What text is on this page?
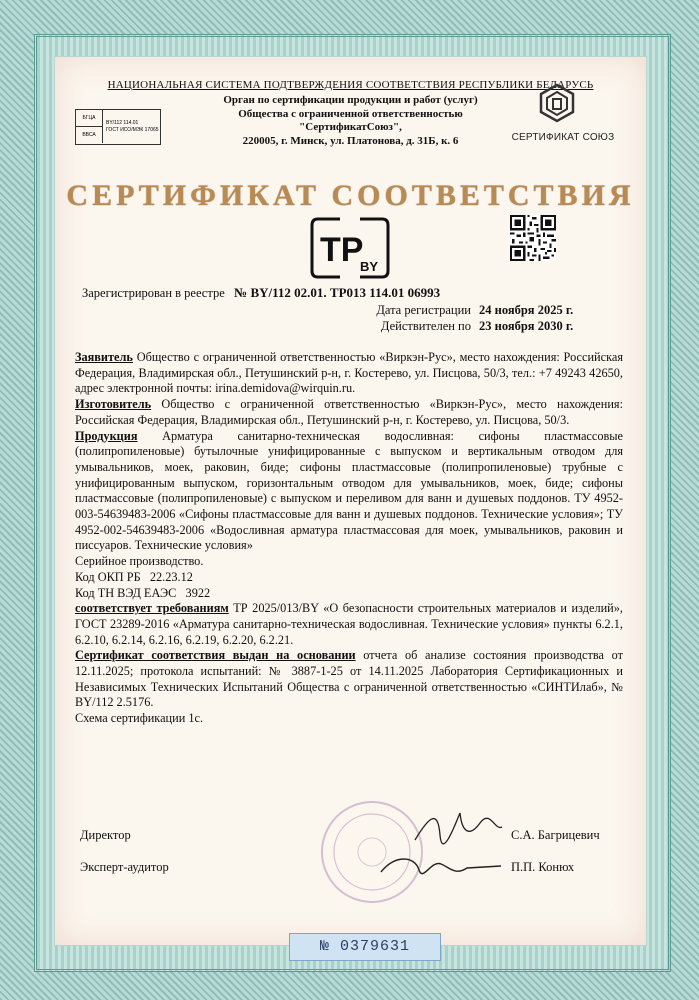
НАЦИОНАЛЬНАЯ СИСТЕМА ПОДТВЕРЖДЕНИЯ СООТВЕТСТВИЯ РЕСПУБЛИКИ БЕЛАРУСЬ
Орган по сертификации продукции и работ (услуг)
Общества с ограниченной ответственностью
"СертификатСоюз",
220005, г. Минск, ул. Платонова, д. 31Б, к. 6
БГЦА
ВВСА
BY/112 114.01
ГОСТ ИСО/МЭК 17065
СЕРТИФИКАТ СОЮЗ
СЕРТИФИКАТ СООТВЕТСТВИЯ
TP
BY
Зарегистрирован в реестре № BY/112 02.01. ТР013 114.01 06993
Дата регистрации 24 ноября 2025 г.
Действителен по 23 ноября 2030 г.

Заявитель Общество с ограниченной ответственностью «Виркэн-Рус», место нахождения: Российская Федерация, Владимирская обл., Петушинский р-н, г. Костерево, ул. Писцова, 50/3, тел.: +7 49243 42650, адрес электронной почты: irina.demidova@wirquin.ru.

Изготовитель Общество с ограниченной ответственностью «Виркэн-Рус», место нахождения: Российская Федерация, Владимирская обл., Петушинский р-н, г. Костерево, ул. Писцова, 50/3.

Продукция Арматура санитарно-техническая водосливная: сифоны пластмассовые (полипропиленовые) бутылочные унифицированные с выпуском и вертикальным отводом для умывальников, моек, раковин, биде; сифоны пластмассовые (полипропиленовые) трубные с унифицированным выпуском, горизонтальным отводом для умывальников, моек, биде; сифоны пластмассовые (полипропиленовые) с выпуском и переливом для ванн и душевых поддонов. ТУ 4952-003-54639483-2006 «Сифоны пластмассовые для ванн и душевых поддонов. Технические условия»; ТУ 4952-002-54639483-2006 «Водосливная арматура пластмассовая для моек, умывальников, раковин и писсуаров. Технические условия»

Серийное производство.

Код ОКП РБ   22.23.12

Код ТН ВЭД ЕАЭС   3922

соответствует требованиям ТР 2025/013/BY «О безопасности строительных материалов и изделий», ГОСТ 23289-2016 «Арматура санитарно-техническая водосливная. Технические условия» пункты 6.2.1, 6.2.10, 6.2.14, 6.2.16, 6.2.19, 6.2.20, 6.2.21.

Сертификат соответствия выдан на основании отчета об анализе состояния производства от 12.11.2025; протокола испытаний: № 3887-1-25 от 14.11.2025 Лаборатория Сертификационных и Независимых Технических Испытаний Общества с ограниченной ответственностью «СИНТИлаб», № BY/112 2.5176.

Схема сертификации 1с.

Директор	С.А. Багрицевич
Эксперт-аудитор	П.П. Конюх
№ 0379631
